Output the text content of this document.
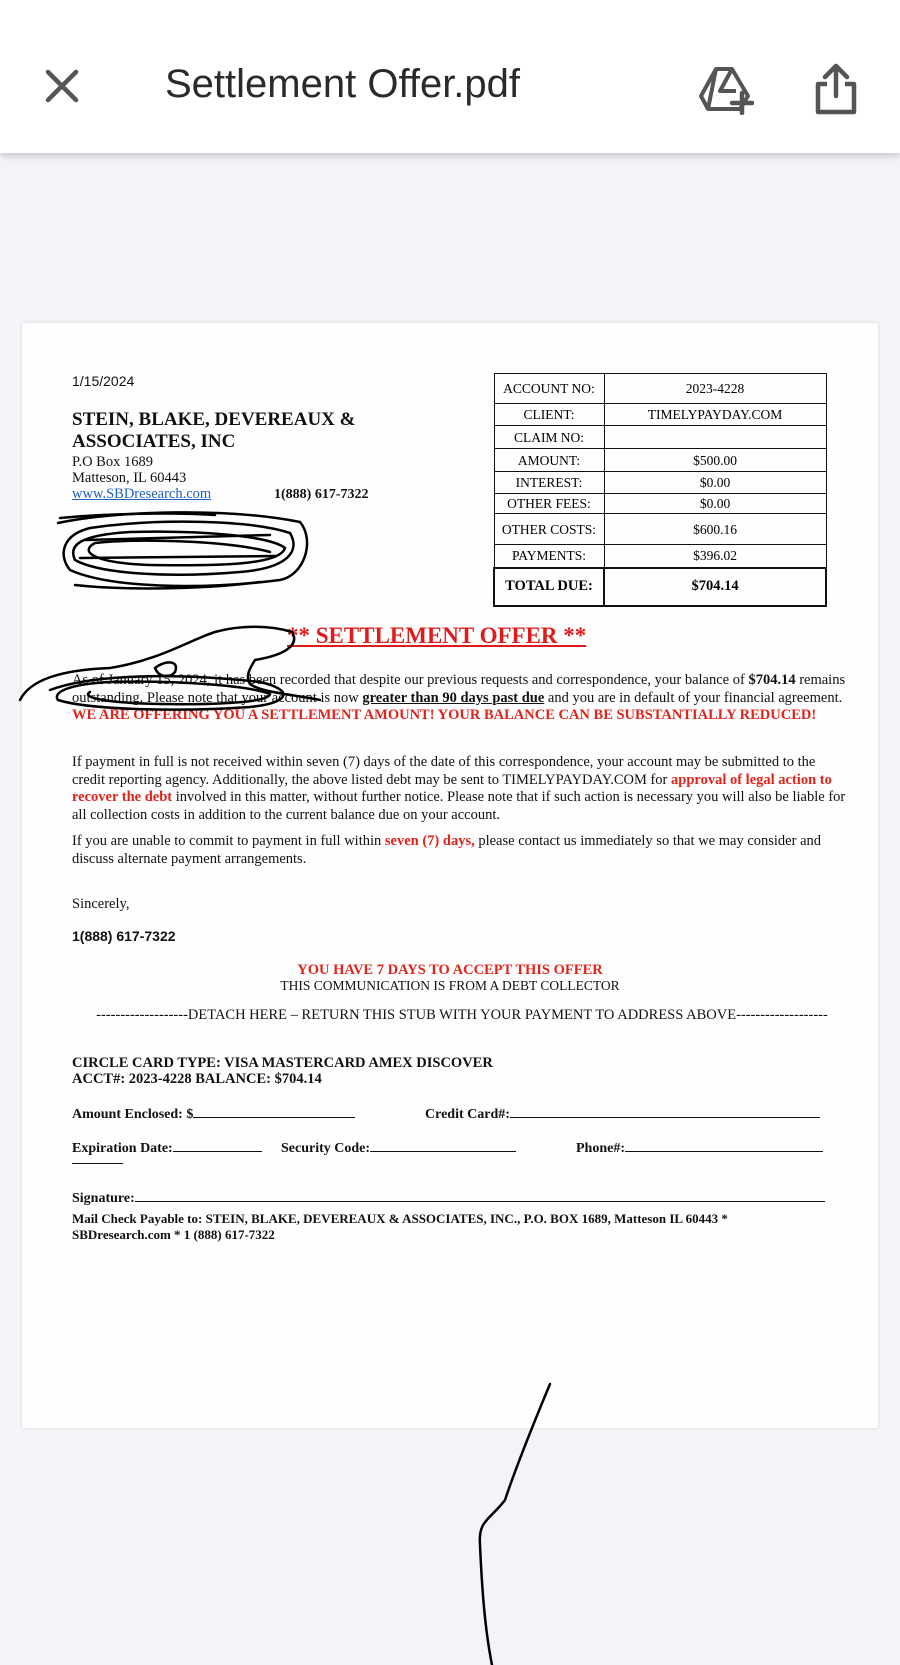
Settlement Offer.pdf
1/15/2024
STEIN, BLAKE, DEVEREAUX & ASSOCIATES, INC
P.O Box 1689
Matteson, IL 60443
www.SBDresearch.com	1(888) 617-7322
ACCOUNT NO:	2023-4228
CLIENT:	TIMELYPAYDAY.COM
CLAIM NO:	
AMOUNT:	$500.00
INTEREST:	$0.00
OTHER FEES:	$0.00
OTHER COSTS:	$600.16
PAYMENTS:	$396.02
TOTAL DUE:	$704.14
** SETTLEMENT OFFER **
As of January 15, 2024, it has been recorded that despite our previous requests and correspondence, your balance of $704.14 remains outstanding. Please note that your account is now greater than 90 days past due and you are in default of your financial agreement. WE ARE OFFERING YOU A SETTLEMENT AMOUNT! YOUR BALANCE CAN BE SUBSTANTIALLY REDUCED!
If payment in full is not received within seven (7) days of the date of this correspondence, your account may be submitted to the credit reporting agency. Additionally, the above listed debt may be sent to TIMELYPAYDAY.COM for approval of legal action to recover the debt involved in this matter, without further notice. Please note that if such action is necessary you will also be liable for all collection costs in addition to the current balance due on your account.
If you are unable to commit to payment in full within seven (7) days, please contact us immediately so that we may consider and discuss alternate payment arrangements.
Sincerely,
1(888) 617-7322
YOU HAVE 7 DAYS TO ACCEPT THIS OFFER
THIS COMMUNICATION IS FROM A DEBT COLLECTOR
-------------------DETACH HERE – RETURN THIS STUB WITH YOUR PAYMENT TO ADDRESS ABOVE-------------------
CIRCLE CARD TYPE: VISA MASTERCARD AMEX DISCOVER
ACCT#: 2023-4228 BALANCE: $704.14
Amount Enclosed: $	Credit Card#:
Expiration Date:	Security Code:	Phone#:
Signature:
Mail Check Payable to: STEIN, BLAKE, DEVEREAUX & ASSOCIATES, INC., P.O. BOX 1689, Matteson IL 60443 * SBDresearch.com * 1 (888) 617-7322
